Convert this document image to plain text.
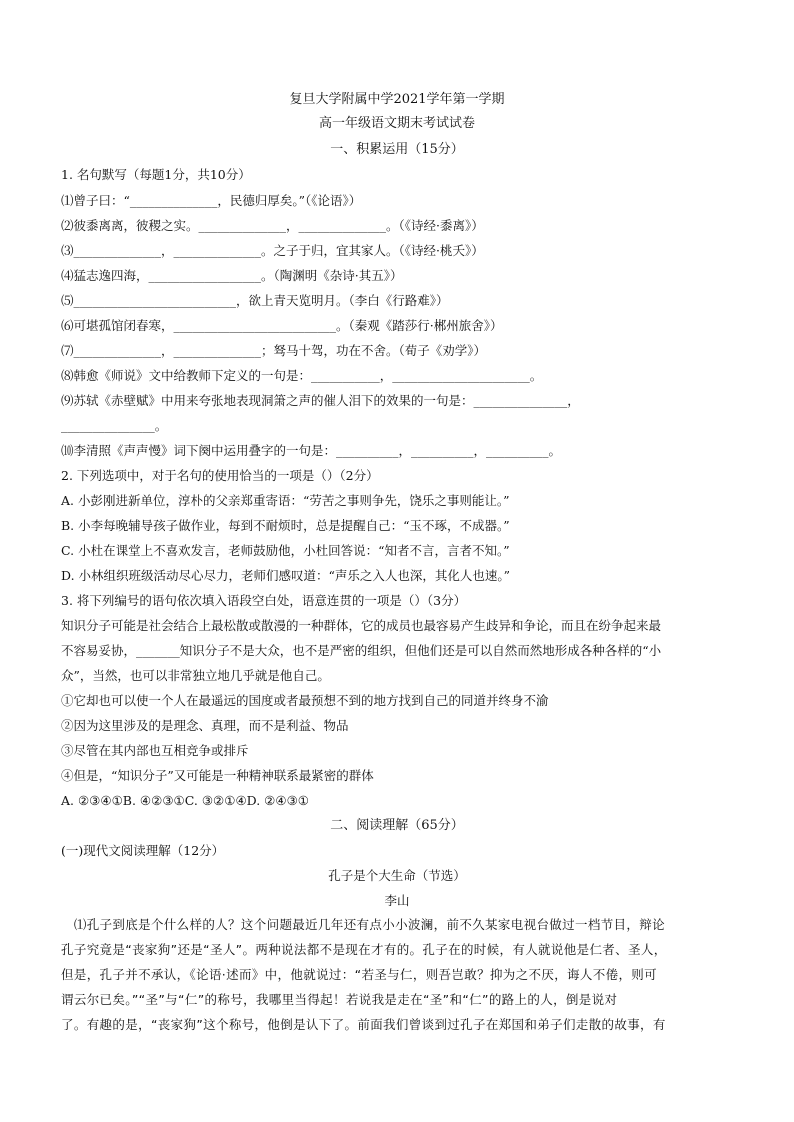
复旦大学附属中学2021学年第一学期
高一年级语文期末考试试卷
一、积累运用（15分）
1. 名句默写（每题1分，共10分）
⑴曾子曰：“______________，民德归厚矣。”（《论语》）
⑵彼黍离离，彼稷之实。______________，______________。（《诗经·黍离》）
⑶______________，______________。之子于归，宜其家人。（《诗经·桃夭》）
⑷猛志逸四海，__________________。（陶渊明《杂诗·其五》）
⑸__________________________，欲上青天览明月。（李白《行路难》）
⑹可堪孤馆闭春寒，__________________________。（秦观《踏莎行·郴州旅舍》）
⑺______________，______________；驽马十驾，功在不舍。（荀子《劝学》）
⑻韩愈《师说》文中给教师下定义的一句是：___________，______________________。
⑼苏轼《赤壁赋》中用来夸张地表现洞箫之声的催人泪下的效果的一句是：_______________，
_______________。
⑽李清照《声声慢》词下阕中运用叠字的一句是：__________，__________，__________。
2. 下列选项中，对于名句的使用恰当的一项是（）（2分）
A. 小彭刚进新单位，淳朴的父亲郑重寄语：“劳苦之事则争先，饶乐之事则能让。”
B. 小李每晚辅导孩子做作业，每到不耐烦时，总是提醒自己：“玉不琢，不成器。”
C. 小杜在课堂上不喜欢发言，老师鼓励他，小杜回答说：“知者不言，言者不知。”
D. 小林组织班级活动尽心尽力，老师们感叹道：“声乐之入人也深，其化人也速。”
3. 将下列编号的语句依次填入语段空白处，语意连贯的一项是（）（3分）
知识分子可能是社会结合上最松散或散漫的一种群体，它的成员也最容易产生歧异和争论，而且在纷争起来最
不容易妥协，_______知识分子不是大众，也不是严密的组织，但他们还是可以自然而然地形成各种各样的“小
众”，当然，也可以非常独立地几乎就是他自己。
①它却也可以使一个人在最遥远的国度或者最预想不到的地方找到自己的同道并终身不渝
②因为这里涉及的是理念、真理，而不是利益、物品
③尽管在其内部也互相竞争或排斥
④但是，“知识分子”又可能是一种精神联系最紧密的群体
A. ②③④①B. ④②③①C. ③②①④D. ②④③①
二、阅读理解（65分）
(一)现代文阅读理解（12分）
孔子是个大生命（节选）
李山
　⑴孔子到底是个什么样的人？这个问题最近几年还有点小小波澜，前不久某家电视台做过一档节目，辩论
孔子究竟是“丧家狗”还是“圣人”。两种说法都不是现在才有的。孔子在的时候，有人就说他是仁者、圣人，
但是，孔子并不承认，《论语·述而》中，他就说过：“若圣与仁，则吾岂敢？抑为之不厌，诲人不倦，则可
谓云尔已矣。”“圣”与“仁”的称号，我哪里当得起！若说我是走在“圣”和“仁”的路上的人，倒是说对
了。有趣的是，“丧家狗”这个称号，他倒是认下了。前面我们曾谈到过孔子在郑国和弟子们走散的故事，有
